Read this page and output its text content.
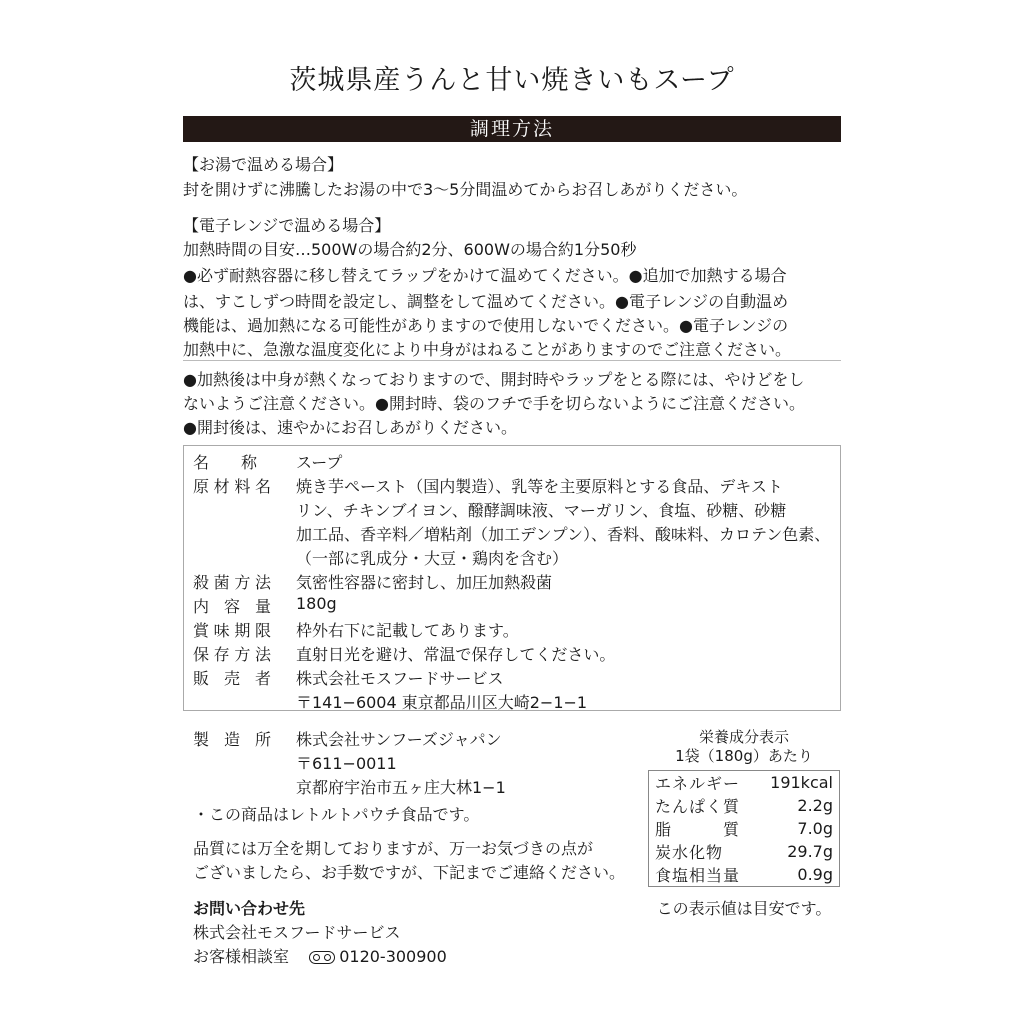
茨城県産うんと甘い焼きいもスープ
調理方法
【お湯で温める場合】
封を開けずに沸騰したお湯の中で3〜5分間温めてからお召しあがりください。
【電子レンジで温める場合】
加熱時間の目安…500Wの場合約2分、600Wの場合約1分50秒
●必ず耐熱容器に移し替えてラップをかけて温めてください。●追加で加熱する場合
は、すこしずつ時間を設定し、調整をして温めてください。●電子レンジの自動温め
機能は、過加熱になる可能性がありますので使用しないでください。●電子レンジの
加熱中に、急激な温度変化により中身がはねることがありますのでご注意ください。
●加熱後は中身が熱くなっておりますので、開封時やラップをとる際には、やけどをし
ないようご注意ください。●開封時、袋のフチで手を切らないようにご注意ください。
●開封後は、速やかにお召しあがりください。
名　　称	スープ
原材料名 焼き芋ペースト（国内製造）、乳等を主要原料とする食品、デキスト
リン、チキンブイヨン、醱酵調味液、マーガリン、食塩、砂糖、砂糖
加工品、香辛料／増粘剤（加工デンプン）、香料、酸味料、カロテン色素、
（一部に乳成分・大豆・鶏肉を含む）
殺菌方法 気密性容器に密封し、加圧加熱殺菌
内 容 量 180g
賞味期限 枠外右下に記載してあります。
保存方法 直射日光を避け、常温で保存してください。
販 売 者 株式会社モスフードサービス
〒141−6004 東京都品川区大崎2−1−1
製 造 所 株式会社サンフーズジャパン
〒611−0011
京都府宇治市五ヶ庄大林1−1
・この商品はレトルトパウチ食品です。
品質には万全を期しておりますが、万一お気づきの点が
ございましたら、お手数ですが、下記までご連絡ください。
お問い合わせ先
株式会社モスフードサービス
お客様相談室	0120-300900
栄養成分表示
1袋（180g）あたり
エネルギー	191kcal
たんぱく質	2.2g
脂　　　質	7.0g
炭水化物	29.7g
食塩相当量	0.9g
この表示値は目安です。
